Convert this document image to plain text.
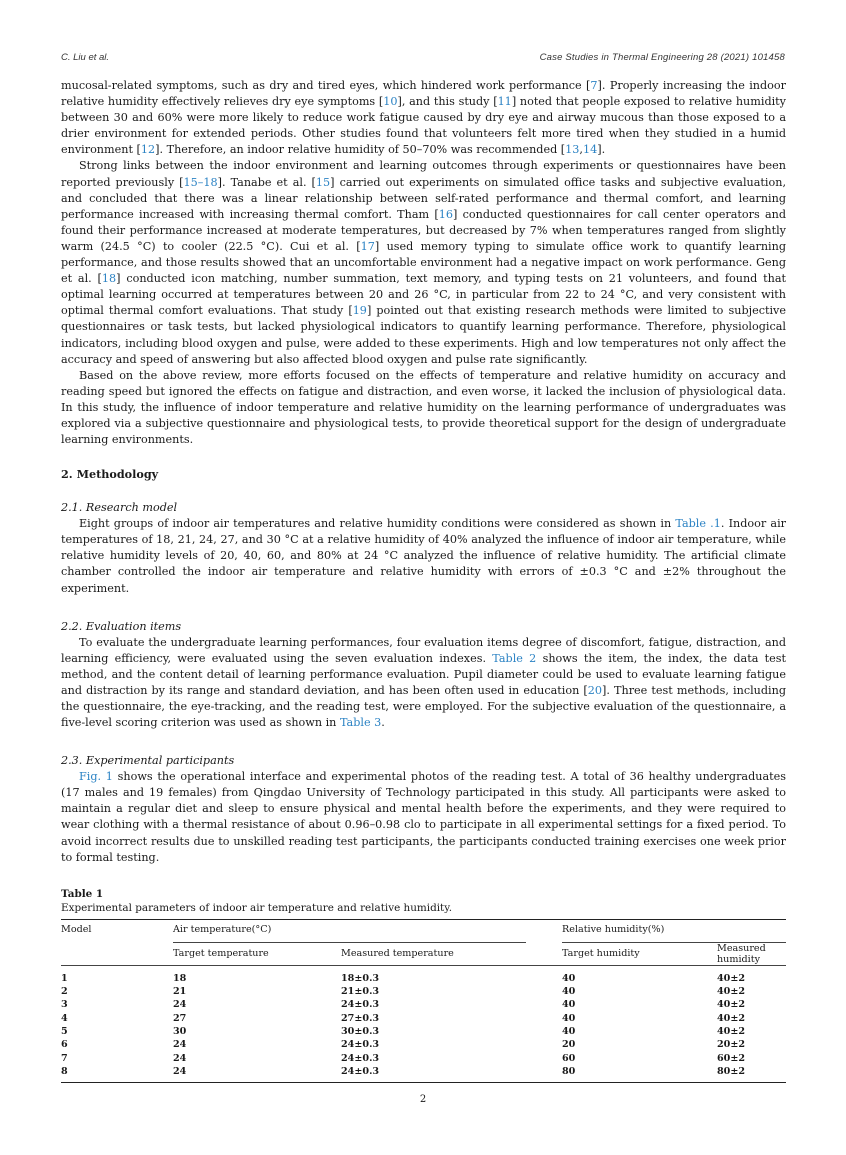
C. Liu et al.	Case Studies in Thermal Engineering 28 (2021) 101458

mucosal-related symptoms, such as dry and tired eyes, which hindered work performance [7]. Properly increasing the indoor relative humidity effectively relieves dry eye symptoms [10], and this study [11] noted that people exposed to relative humidity between 30 and 60% were more likely to reduce work fatigue caused by dry eye and airway mucous than those exposed to a drier environment for extended periods. Other studies found that volunteers felt more tired when they studied in a humid environment [12]. Therefore, an indoor relative humidity of 50–70% was recommended [13,14].

Strong links between the indoor environment and learning outcomes through experiments or questionnaires have been reported previously [15–18]. Tanabe et al. [15] carried out experiments on simulated office tasks and subjective evaluation, and concluded that there was a linear relationship between self-rated performance and thermal comfort, and learning performance increased with increasing thermal comfort. Tham [16] conducted questionnaires for call center operators and found their performance increased at moderate temperatures, but decreased by 7% when temperatures ranged from slightly warm (24.5 °C) to cooler (22.5 °C). Cui et al. [17] used memory typing to simulate office work to quantify learning performance, and those results showed that an uncomfortable environment had a negative impact on work performance. Geng et al. [18] conducted icon matching, number summation, text memory, and typing tests on 21 volunteers, and found that optimal learning occurred at temperatures between 20 and 26 °C, in particular from 22 to 24 °C, and very consistent with optimal thermal comfort evaluations. That study [19] pointed out that existing research methods were limited to subjective questionnaires or task tests, but lacked physiological indicators to quantify learning performance. Therefore, physiological indicators, including blood oxygen and pulse, were added to these experiments. High and low temperatures not only affect the accuracy and speed of answering but also affected blood oxygen and pulse rate significantly.

Based on the above review, more efforts focused on the effects of temperature and relative humidity on accuracy and reading speed but ignored the effects on fatigue and distraction, and even worse, it lacked the inclusion of physiological data. In this study, the influence of indoor temperature and relative humidity on the learning performance of undergraduates was explored via a subjective questionnaire and physiological tests, to provide theoretical support for the design of undergraduate learning environments.

2. Methodology
2.1. Research model

Eight groups of indoor air temperatures and relative humidity conditions were considered as shown in Table .1. Indoor air temperatures of 18, 21, 24, 27, and 30 °C at a relative humidity of 40% analyzed the influence of indoor air temperature, while relative humidity levels of 20, 40, 60, and 80% at 24 °C analyzed the influence of relative humidity. The artificial climate chamber controlled the indoor air temperature and relative humidity with errors of ±0.3 °C and ±2% throughout the experiment.

2.2. Evaluation items

To evaluate the undergraduate learning performances, four evaluation items degree of discomfort, fatigue, distraction, and learning efficiency, were evaluated using the seven evaluation indexes. Table 2 shows the item, the index, the data test method, and the content detail of learning performance evaluation. Pupil diameter could be used to evaluate learning fatigue and distraction by its range and standard deviation, and has been often used in education [20]. Three test methods, including the questionnaire, the eye-tracking, and the reading test, were employed. For the subjective evaluation of the questionnaire, a five-level scoring criterion was used as shown in Table 3.

2.3. Experimental participants

Fig. 1 shows the operational interface and experimental photos of the reading test. A total of 36 healthy undergraduates (17 males and 19 females) from Qingdao University of Technology participated in this study. All participants were asked to maintain a regular diet and sleep to ensure physical and mental health before the experiments, and they were required to wear clothing with a thermal resistance of about 0.96–0.98 clo to participate in all experimental settings for a fixed period. To avoid incorrect results due to unskilled reading test participants, the participants conducted training exercises one week prior to formal testing.

Table 1
Experimental parameters of indoor air temperature and relative humidity.
Model	Air temperature(°C)			Relative humidity(%)	
	Target temperature	Measured temperature		Target humidity	Measured humidity
1	18	18±0.3		40	40±2
2	21	21±0.3		40	40±2
3	24	24±0.3		40	40±2
4	27	27±0.3		40	40±2
5	30	30±0.3		40	40±2
6	24	24±0.3		20	20±2
7	24	24±0.3		60	60±2
8	24	24±0.3		80	80±2
2
